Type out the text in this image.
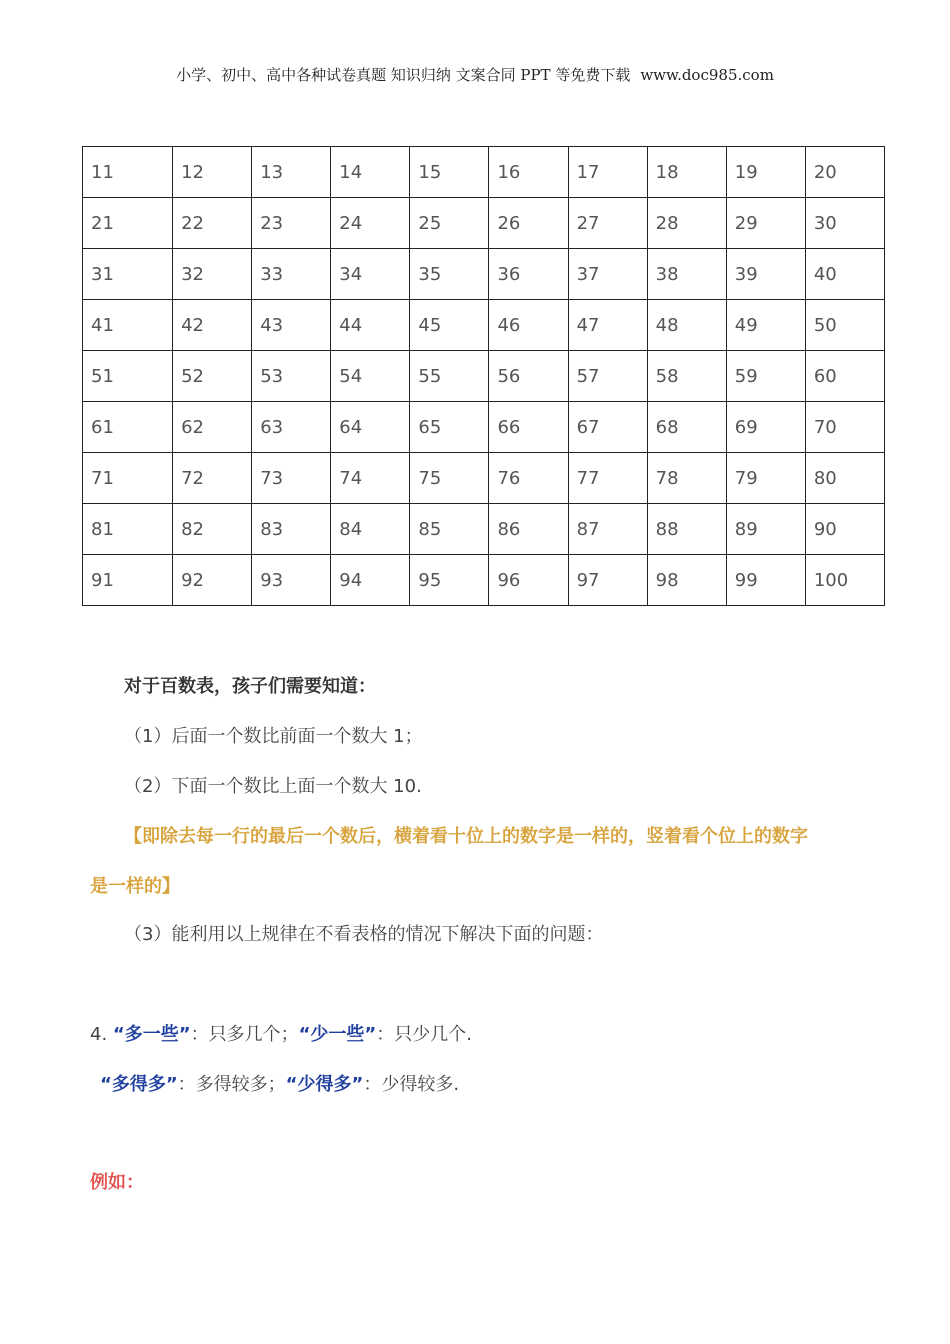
小学、初中、高中各种试卷真题 知识归纳 文案合同 PPT 等免费下载 www.doc985.com
11	12	13	14	15	16	17	18	19	20
21	22	23	24	25	26	27	28	29	30
31	32	33	34	35	36	37	38	39	40
41	42	43	44	45	46	47	48	49	50
51	52	53	54	55	56	57	58	59	60
61	62	63	64	65	66	67	68	69	70
71	72	73	74	75	76	77	78	79	80
81	82	83	84	85	86	87	88	89	90
91	92	93	94	95	96	97	98	99	100
对于百数表，孩子们需要知道：
（1）后面一个数比前面一个数大 1；
（2）下面一个数比上面一个数大 10.
【即除去每一行的最后一个数后，横着看十位上的数字是一样的，竖着看个位上的数字
是一样的】
（3）能利用以上规律在不看表格的情况下解决下面的问题：
4. “多一些”：只多几个；“少一些”：只少几个.
“多得多”：多得较多；“少得多”：少得较多.
例如：
